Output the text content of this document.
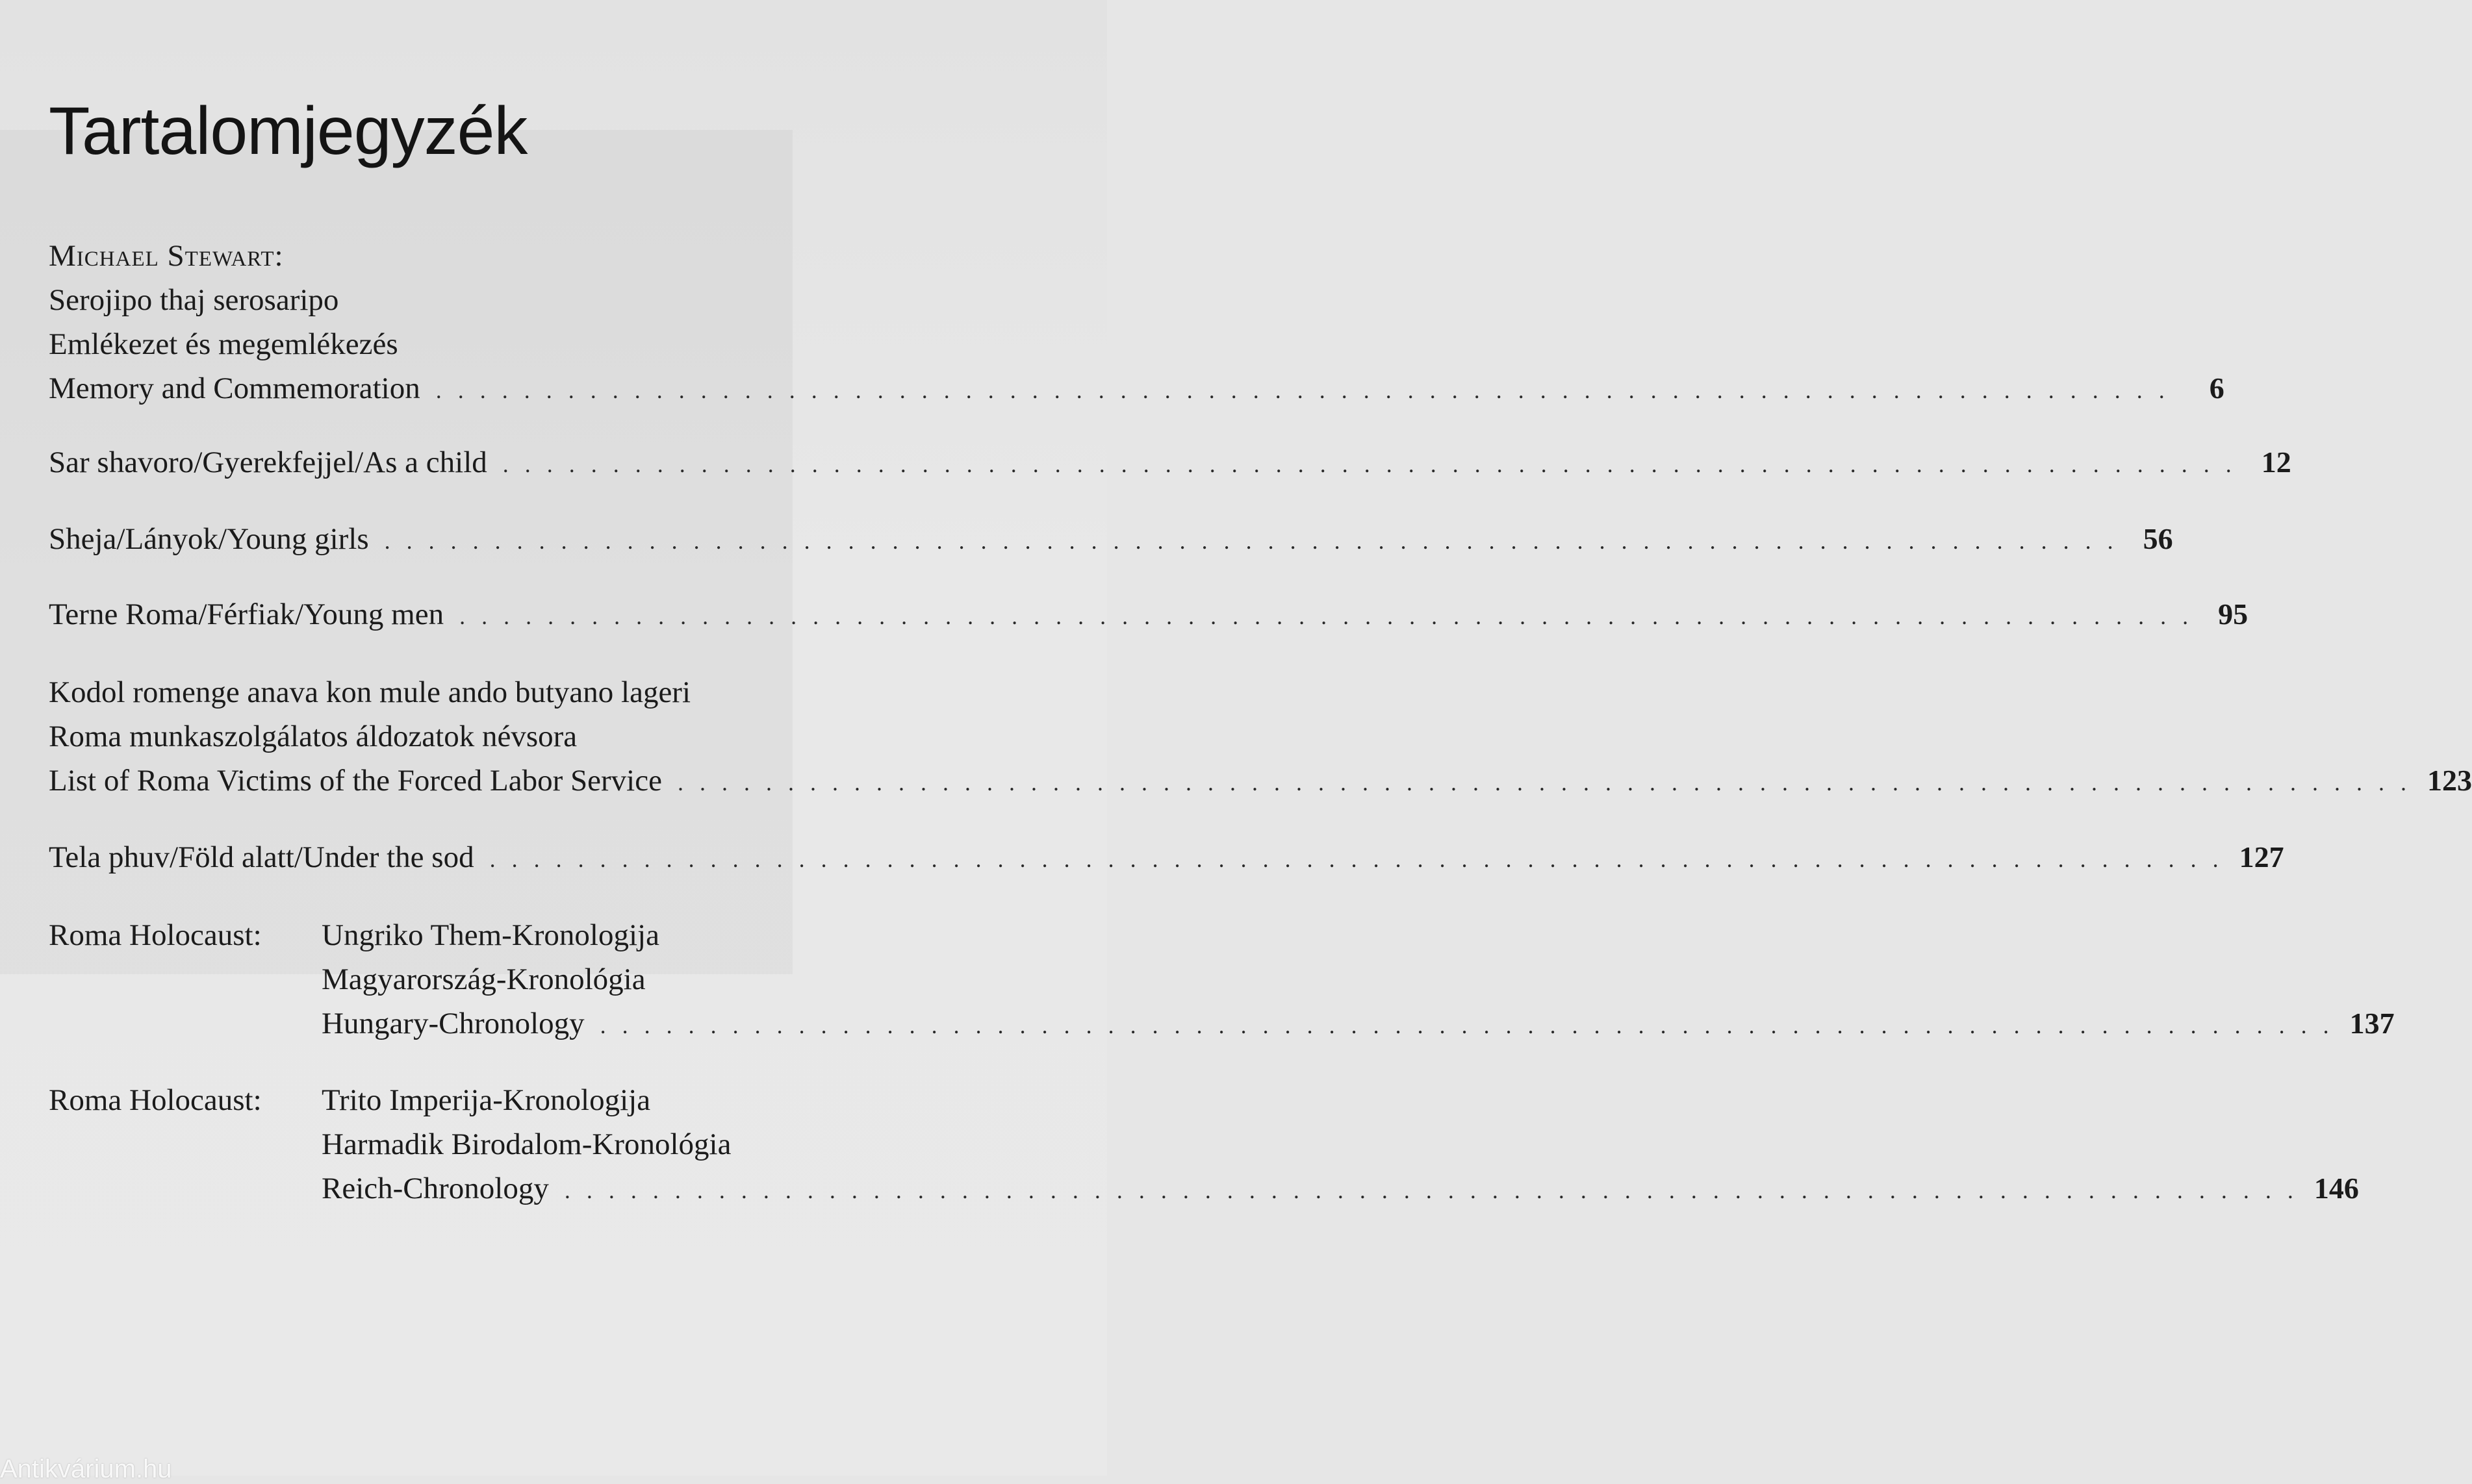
Tartalomjegyzék
Michael Stewart:
Serojipo thaj serosaripo
Emlékezet és megemlékezés
Memory and Commemoration . . .	6
Sar shavoro/Gyerekfejjel/As a child . . .	12
Sheja/Lányok/Young girls . . .	56
Terne Roma/Férfiak/Young men . . .	95
Kodol romenge anava kon mule ando butyano lageri
Roma munkaszolgálatos áldozatok névsora
List of Roma Victims of the Forced Labor Service . . .	123
Tela phuv/Föld alatt/Under the sod . . .	127
Roma Holocaust:	Ungriko Them-Kronologija
Magyarország-Kronológia
Hungary-Chronology . . .	137
Roma Holocaust:	Trito Imperija-Kronologija
Harmadik Birodalom-Kronológia
Reich-Chronology . . .	146
Antikvárium.hu
